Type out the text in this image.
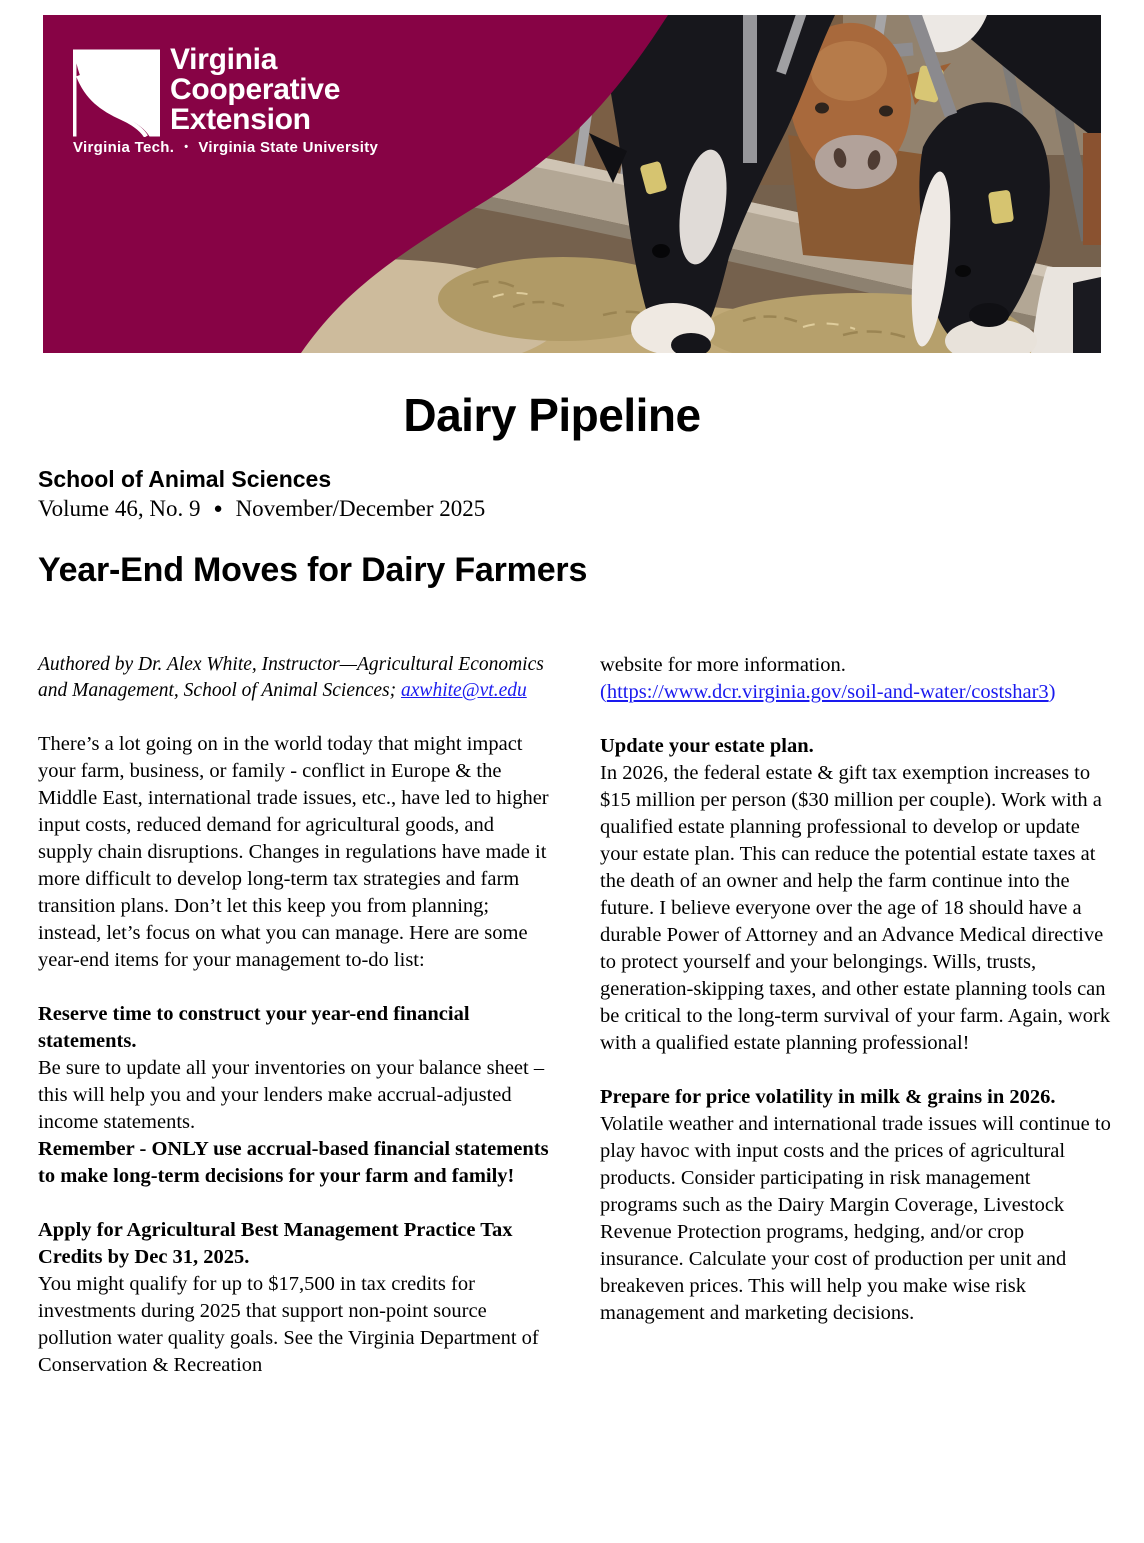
Virginia
Cooperative
Extension
Virginia Tech. • Virginia State University
Dairy Pipeline

School of Animal Sciences

Volume 46, No. 9 ● November/December 2025

Year-End Moves for Dairy Farmers

Authored by Dr. Alex White, Instructor—Agricultural Economics and Management, School of Animal Sciences; axwhite@vt.edu

There’s a lot going on in the world today that might impact your farm, business, or family - conflict in Europe & the Middle East, international trade issues, etc., have led to higher input costs, reduced demand for agricultural goods, and supply chain disruptions. Changes in regulations have made it more difficult to develop long-term tax strategies and farm transition plans. Don’t let this keep you from planning; instead, let’s focus on what you can manage. Here are some year-end items for your management to-do list:

Reserve time to construct your year-end financial statements.

Be sure to update all your inventories on your balance sheet – this will help you and your lenders make accrual-adjusted income statements.

Remember - ONLY use accrual-based financial statements to make long-term decisions for your farm and family!

Apply for Agricultural Best Management Practice Tax Credits by Dec 31, 2025.

You might qualify for up to $17,500 in tax credits for investments during 2025 that support non-point source pollution water quality goals. See the Virginia Department of Conservation & Recreation

website for more information.
(https://www.dcr.virginia.gov/soil-and-water/costshar3)

Update your estate plan.

In 2026, the federal estate & gift tax exemption increases to $15 million per person ($30 million per couple). Work with a qualified estate planning professional to develop or update your estate plan. This can reduce the potential estate taxes at the death of an owner and help the farm continue into the future. I believe everyone over the age of 18 should have a durable Power of Attorney and an Advance Medical directive to protect yourself and your belongings. Wills, trusts, generation-skipping taxes, and other estate planning tools can be critical to the long-term survival of your farm. Again, work with a qualified estate planning professional!

Prepare for price volatility in milk & grains in 2026.

Volatile weather and international trade issues will continue to play havoc with input costs and the prices of agricultural products. Consider participating in risk management programs such as the Dairy Margin Coverage, Livestock Revenue Protection programs, hedging, and/or crop insurance. Calculate your cost of production per unit and breakeven prices. This will help you make wise risk management and marketing decisions.
